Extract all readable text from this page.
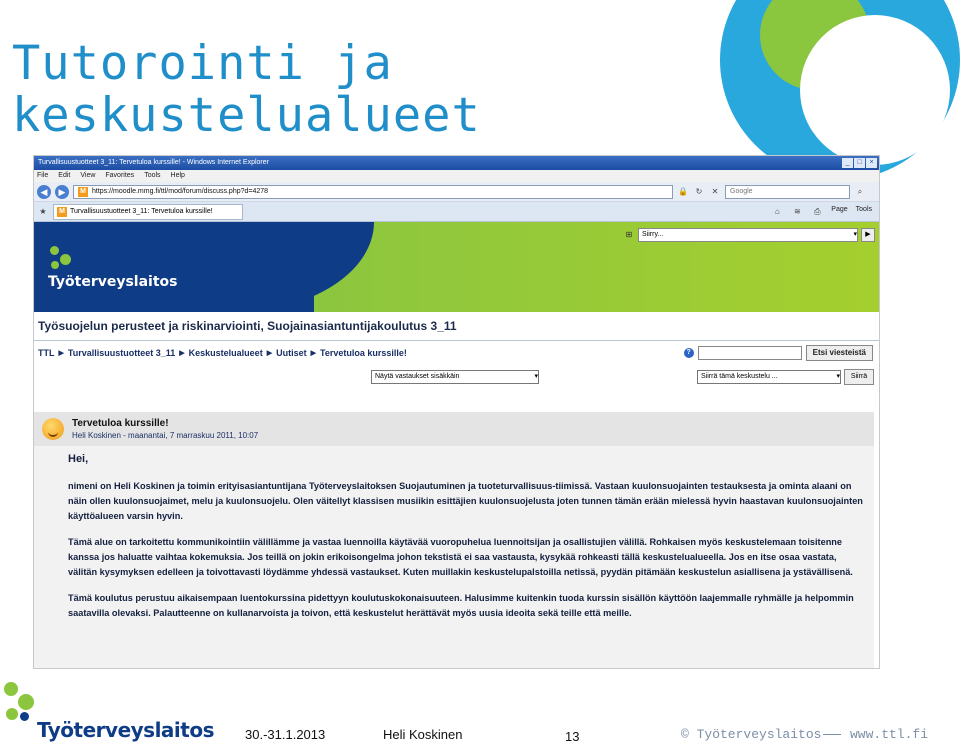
Tutorointi ja
keskustelualueet
Turvallisuustuotteet 3_11: Tervetuloa kurssille! - Windows Internet Explorer	_	□	×
File Edit View Favorites Tools Help
◀	▶	M https://moodle.mmg.fi/ttl/mod/forum/discuss.php?d=4278	🔒 ↻	✕	Google	⌕
★	M Turvallisuustuotteet 3_11: Tervetuloa kurssille!	⌂	≋	⎙	Page Tools
Työterveyslaitos
⊞	Siirry...	▾	▶
Työsuojelun perusteet ja riskinarviointi, Suojainasiantuntijakoulutus 3_11
TTL ▶ Turvallisuustuotteet 3_11 ▶ Keskustelualueet ▶ Uutiset ▶ Tervetuloa kurssille!	?	Etsi viesteistä
Näytä vastaukset sisäkkäin	▾	Siirrä tämä keskustelu ...	▾	Siirrä
Tervetuloa kurssille!
Heli Koskinen - maanantai, 7 marraskuu 2011, 10:07

Hei,

nimeni on Heli Koskinen ja toimin erityisasiantuntijana Työterveyslaitoksen Suojautuminen ja tuoteturvallisuus-tiimissä. Vastaan kuulonsuojainten testauksesta ja ominta alaani on näin ollen kuulonsuojaimet, melu ja kuulonsuojelu. Olen väitellyt klassisen musiikin esittäjien kuulonsuojelusta joten tunnen tämän erään mielessä hyvin haastavan kuulonsuojainten käyttöalueen varsin hyvin.

Tämä alue on tarkoitettu kommunikointiin välillämme ja vastaa luennoilla käytävää vuoropuhelua luennoitsijan ja osallistujien välillä. Rohkaisen myös keskustelemaan toisitenne kanssa jos haluatte vaihtaa kokemuksia. Jos teillä on jokin erikoisongelma johon tekstistä ei saa vastausta, kysykää rohkeasti tällä keskustelualueella. Jos en itse osaa vastata, välitän kysymyksen edelleen ja toivottavasti löydämme yhdessä vastaukset. Kuten muillakin keskustelupalstoilla netissä, pyydän pitämään keskustelun asiallisena ja ystävällisenä.

Tämä koulutus perustuu aikaisempaan luentokurssina pidettyyn koulutuskokonaisuuteen. Halusimme kuitenkin tuoda kurssin sisällön käyttöön laajemmalle ryhmälle ja helpommin saatavilla olevaksi. Palautteenne on kullanarvoista ja toivon, että keskustelut herättävät myös uusia ideoita sekä teille että meille.

Työterveyslaitos 30.-31.1.2013	Heli Koskinen	13	© Työterveyslaitos www.ttl.fi
